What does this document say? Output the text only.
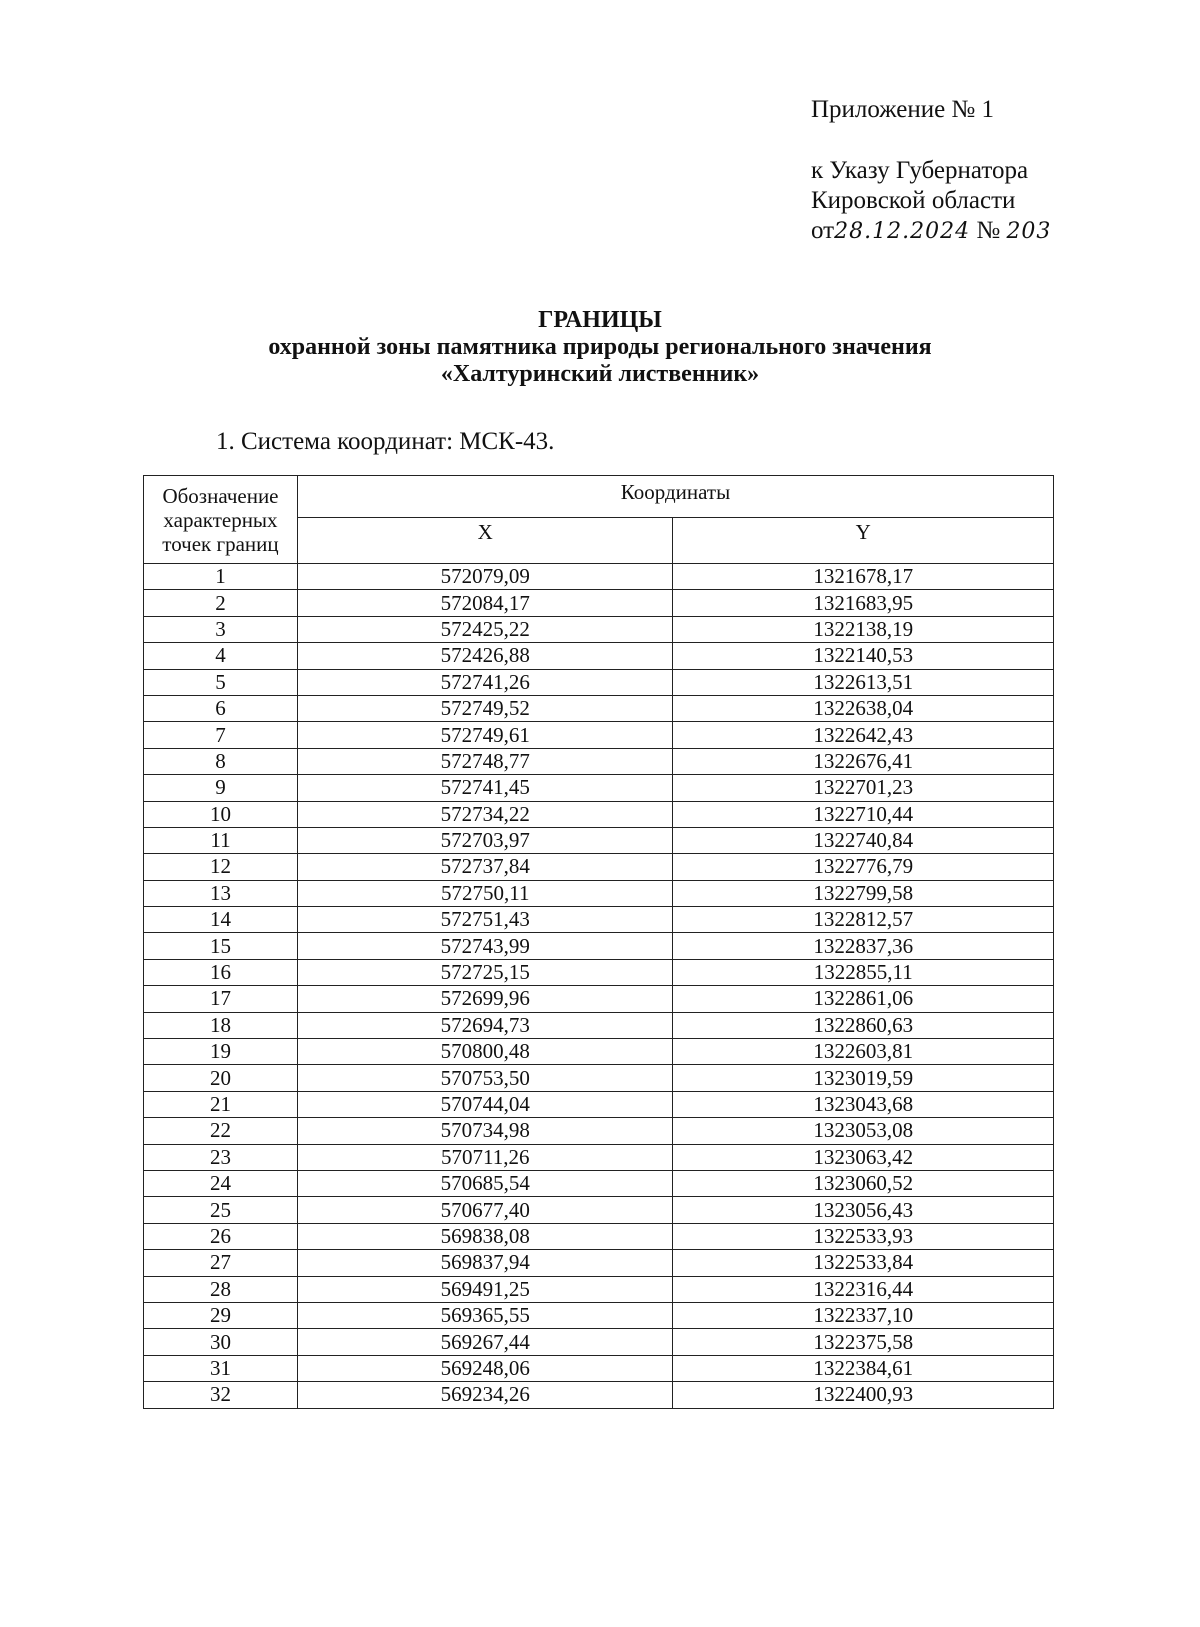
Приложение № 1
к Указу Губернатора
Кировской области
от28.12.2024 № 203
ГРАНИЦЫ
охранной зоны памятника природы регионального значения
«Халтуринский лиственник»
1. Система координат: МСК-43.
Обозначение характерных точек границ	Координаты	
	X	Y
1	572079,09	1321678,17
2	572084,17	1321683,95
3	572425,22	1322138,19
4	572426,88	1322140,53
5	572741,26	1322613,51
6	572749,52	1322638,04
7	572749,61	1322642,43
8	572748,77	1322676,41
9	572741,45	1322701,23
10	572734,22	1322710,44
11	572703,97	1322740,84
12	572737,84	1322776,79
13	572750,11	1322799,58
14	572751,43	1322812,57
15	572743,99	1322837,36
16	572725,15	1322855,11
17	572699,96	1322861,06
18	572694,73	1322860,63
19	570800,48	1322603,81
20	570753,50	1323019,59
21	570744,04	1323043,68
22	570734,98	1323053,08
23	570711,26	1323063,42
24	570685,54	1323060,52
25	570677,40	1323056,43
26	569838,08	1322533,93
27	569837,94	1322533,84
28	569491,25	1322316,44
29	569365,55	1322337,10
30	569267,44	1322375,58
31	569248,06	1322384,61
32	569234,26	1322400,93
